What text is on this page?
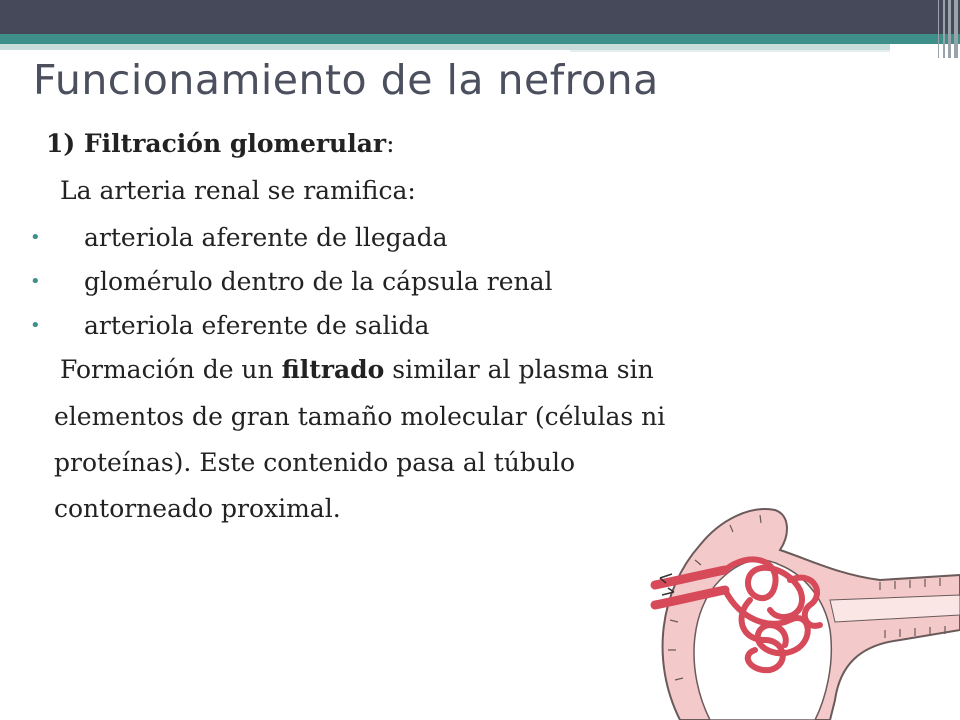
Funcionamiento de la nefrona
1) Filtración glomerular:
La arteria renal se ramifica:
• arteriola aferente de llegada
• glomérulo dentro de la cápsula renal
• arteriola eferente de salida
Formación de un filtrado similar al plasma sin
elementos de gran tamaño molecular (células ni
proteínas). Este contenido pasa al túbulo
contorneado proximal.
